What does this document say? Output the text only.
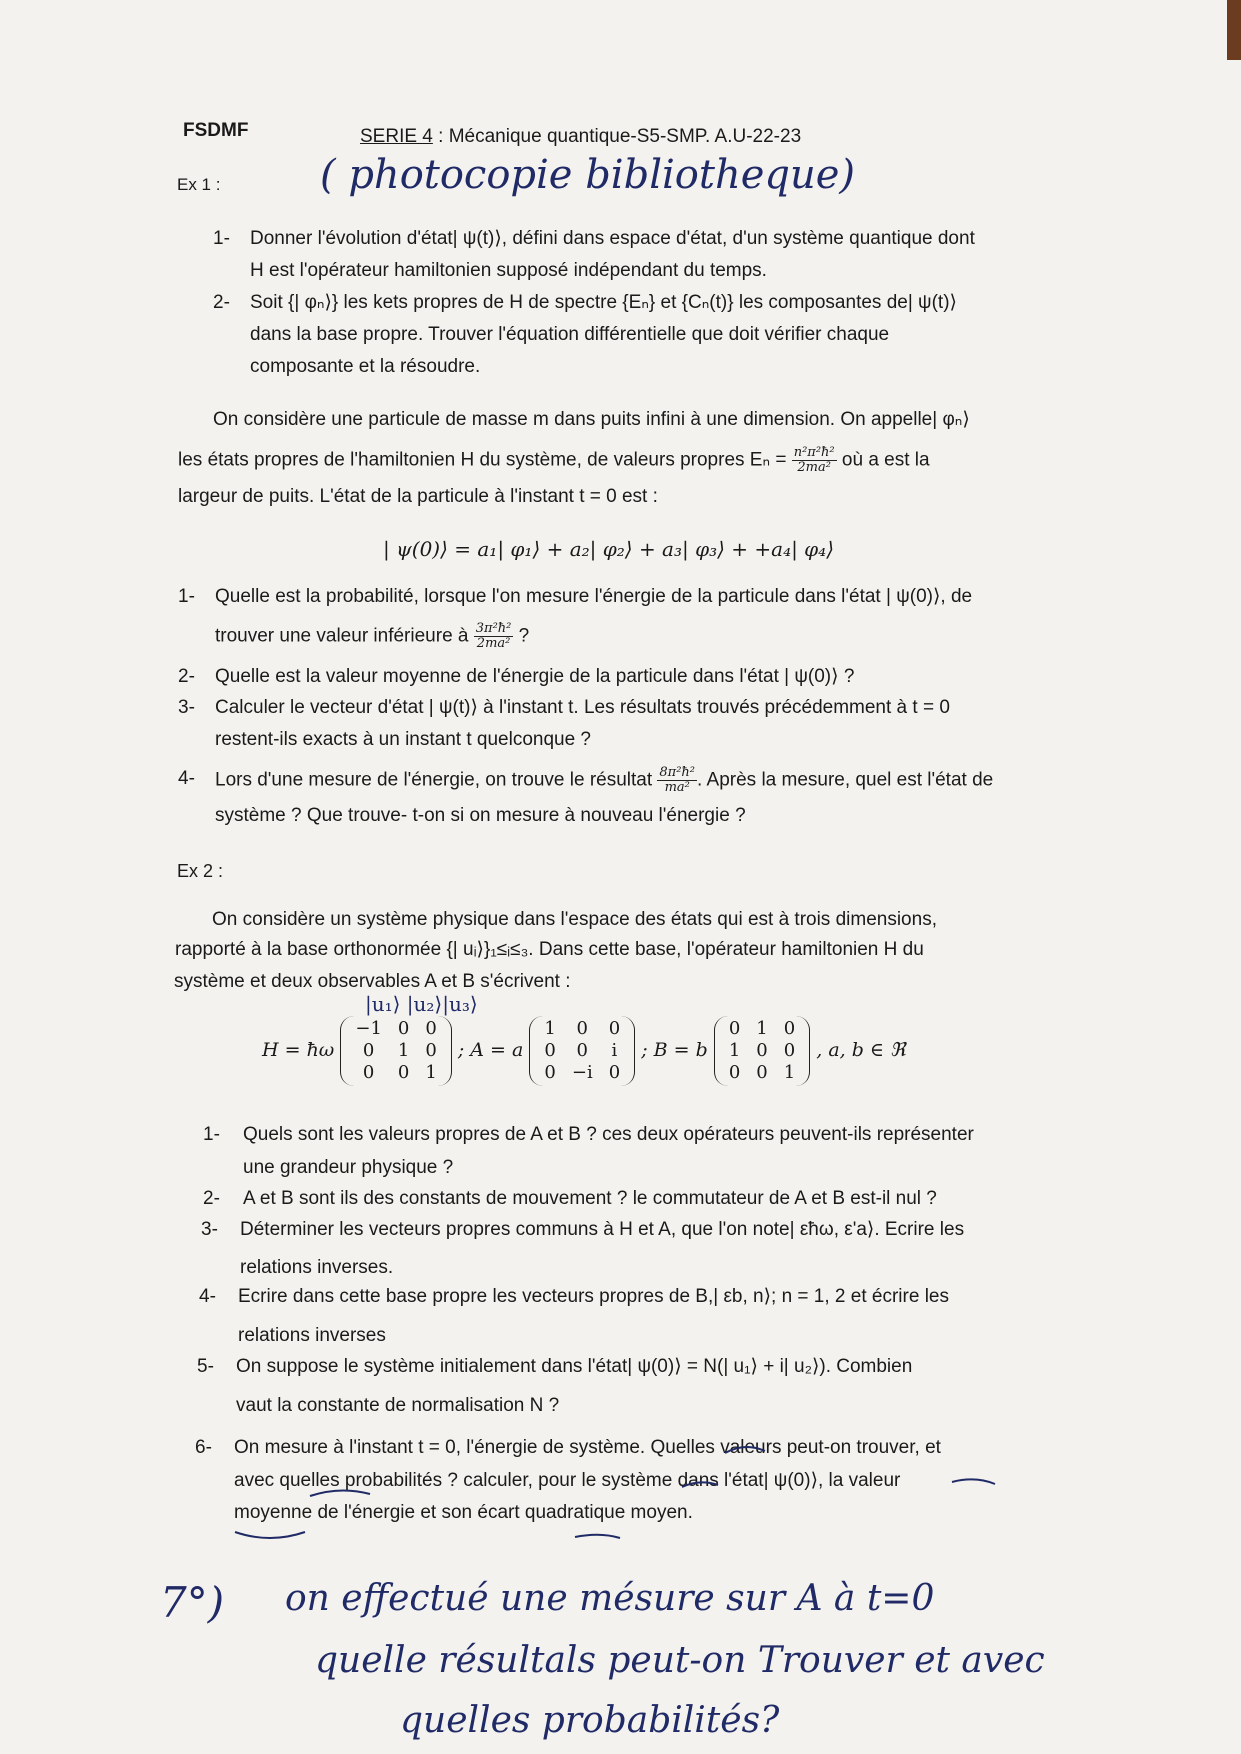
FSDMF	SERIE 4 : Mécanique quantique-S5-SMP. A.U-22-23
Ex 1 : ( photocopie bibliotheque)
1- Donner l'évolution d'état| ψ(t)⟩, défini dans espace d'état, d'un système quantique dont
H est l'opérateur hamiltonien supposé indépendant du temps.
2- Soit {| φₙ⟩} les kets propres de H de spectre {Eₙ} et {Cₙ(t)} les composantes de| ψ(t)⟩
dans la base propre. Trouver l'équation différentielle que doit vérifier chaque
composante et la résoudre.
On considère une particule de masse m dans puits infini à une dimension. On appelle| φₙ⟩
les états propres de l'hamiltonien H du système, de valeurs propres $E_n = \frac{\text{n²π²ħ²}}{\text{2ma²}}$ où a est la
largeur de puits. L'état de la particule à l'instant t = 0 est :
| ψ(0)⟩ = a₁| φ₁⟩ + a₂| φ₂⟩ + a₃| φ₃⟩ + +a₄| φ₄⟩
1- Quelle est la probabilité, lorsque l'on mesure l'énergie de la particule dans l'état | ψ(0)⟩, de
trouver une valeur inférieure à $\frac{\text{3π²ħ²}}{\text{2ma²}}$ ?
2- Quelle est la valeur moyenne de l'énergie de la particule dans l'état | ψ(0)⟩ ?
3- Calculer le vecteur d'état | ψ(t)⟩ à l'instant t. Les résultats trouvés précédemment à t = 0
restent-ils exacts à un instant t quelconque ?
4- Lors d'une mesure de l'énergie, on trouve le résultat $\frac{\text{8π²ħ²}}{\text{ma²}}$ . Après la mesure, quel est l'état de
système ? Que trouve- t-on si on mesure à nouveau l'énergie ?
Ex 2 :
On considère un système physique dans l'espace des états qui est à trois dimensions,
rapporté à la base orthonormée {| uᵢ⟩}₁≤ᵢ≤₃. Dans cette base, l'opérateur hamiltonien H du
système et deux observables A et B s'écrivent :
|u₁⟩ |u₂⟩|u₃⟩
H = ħω
−1	0	0
0	1	0
0	0	1
; A = a
1	0	0
0	0	i
0	−i	0
; B = b
0	1	0
1	0	0
0	0	1
, a, b ∈ ℜ
1- Quels sont les valeurs propres de A et B ? ces deux opérateurs peuvent-ils représenter
une grandeur physique ?
2- A et B sont ils des constants de mouvement ? le commutateur de A et B est-il nul ?
3- Déterminer les vecteurs propres communs à H et A, que l'on note| εħω, ε'a⟩. Ecrire les
relations inverses.
4- Ecrire dans cette base propre les vecteurs propres de B,| εb, n⟩; n = 1, 2 et écrire les
relations inverses
5- On suppose le système initialement dans l'état| ψ(0)⟩ = N(| u₁⟩ + i| u₂⟩). Combien
vaut la constante de normalisation N ?
6- On mesure à l'instant t = 0, l'énergie de système. Quelles valeurs peut-on trouver, et
avec quelles probabilités ? calculer, pour le système dans l'état| ψ(0)⟩, la valeur
moyenne de l'énergie et son écart quadratique moyen.
7°) on effectué une mésure sur A à t=0
quelle résultals peut-on Trouver et avec
quelles probabilités?
